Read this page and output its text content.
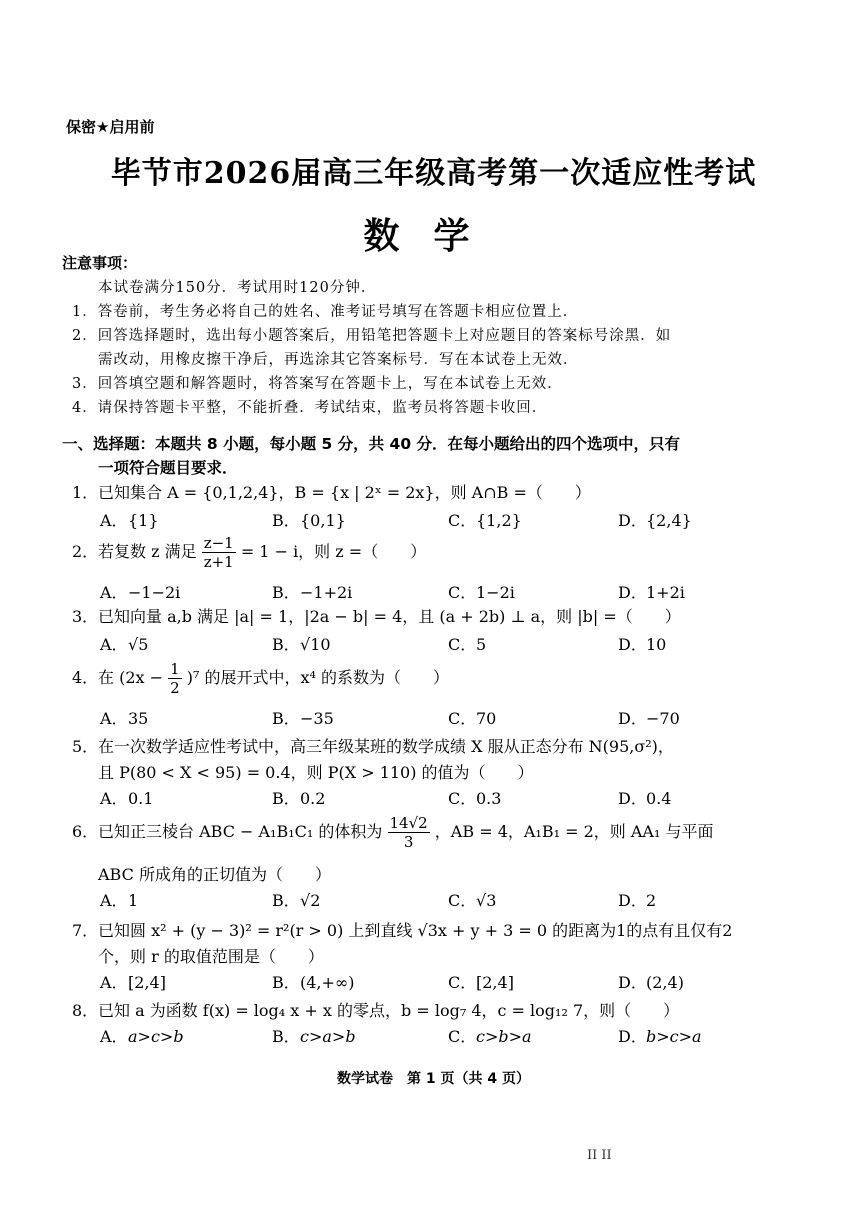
保密★启用前
毕节市2026届高三年级高考第一次适应性考试
数学
注意事项：
本试卷满分150分．考试用时120分钟．
1．答卷前，考生务必将自己的姓名、准考证号填写在答题卡相应位置上．
2．回答选择题时，选出每小题答案后，用铅笔把答题卡上对应题目的答案标号涂黑．如
需改动，用橡皮擦干净后，再选涂其它答案标号．写在本试卷上无效．
3．回答填空题和解答题时，将答案写在答题卡上，写在本试卷上无效．
4．请保持答题卡平整，不能折叠．考试结束，监考员将答题卡收回．
一、选择题：本题共 8 小题，每小题 5 分，共 40 分．在每小题给出的四个选项中，只有
一项符合题目要求．
1．已知集合 A = {0,1,2,4}，B = {x | 2ˣ = 2x}，则 A∩B =（　　）
A．{1}	B．{0,1}	C．{1,2}	D．{2,4}
2．若复数 z 满足 $\frac{z-1}{z+1} = 1 - i$，则 z =（　　）
A．−1−2i	B．−1+2i	C．1−2i	D．1+2i
3．已知向量 a,b 满足 |a| = 1，|2a − b| = 4，且 (a + 2b) ⊥ a，则 |b| =（　　）
A．√5	B．√10	C．5	D．10
4．在 $(2x - \frac{1}{2} )^7$ 的展开式中，x⁴ 的系数为（　　）
A．35	B．−35	C．70	D．−70
5．在一次数学适应性考试中，高三年级某班的数学成绩 X 服从正态分布 N(95,σ²)，
且 P(80 < X < 95) = 0.4，则 P(X > 110) 的值为（　　）
A．0.1	B．0.2	C．0.3	D．0.4
6．已知正三棱台 ABC − A₁B₁C₁ 的体积为 $\frac{14√2}{3}$ ，AB = 4，A₁B₁ = 2，则 AA₁ 与平面
ABC 所成角的正切值为（　　）
A．1	B．√2	C．√3	D．2
7．已知圆 x² + (y − 3)² = r²(r > 0) 上到直线 √3x + y + 3 = 0 的距离为1的点有且仅有2
个，则 r 的取值范围是（　　）
A．[2,4]	B．(4,+∞)	C．[2,4]	D．(2,4)
8．已知 a 为函数 f(x) = log₄ x + x 的零点，b = log₇ 4，c = log₁₂ 7，则（　　）
A．a>c>b	B．c>a>b	C．c>b>a	D．b>c>a
数学试卷　第 1 页（共 4 页）
II II
